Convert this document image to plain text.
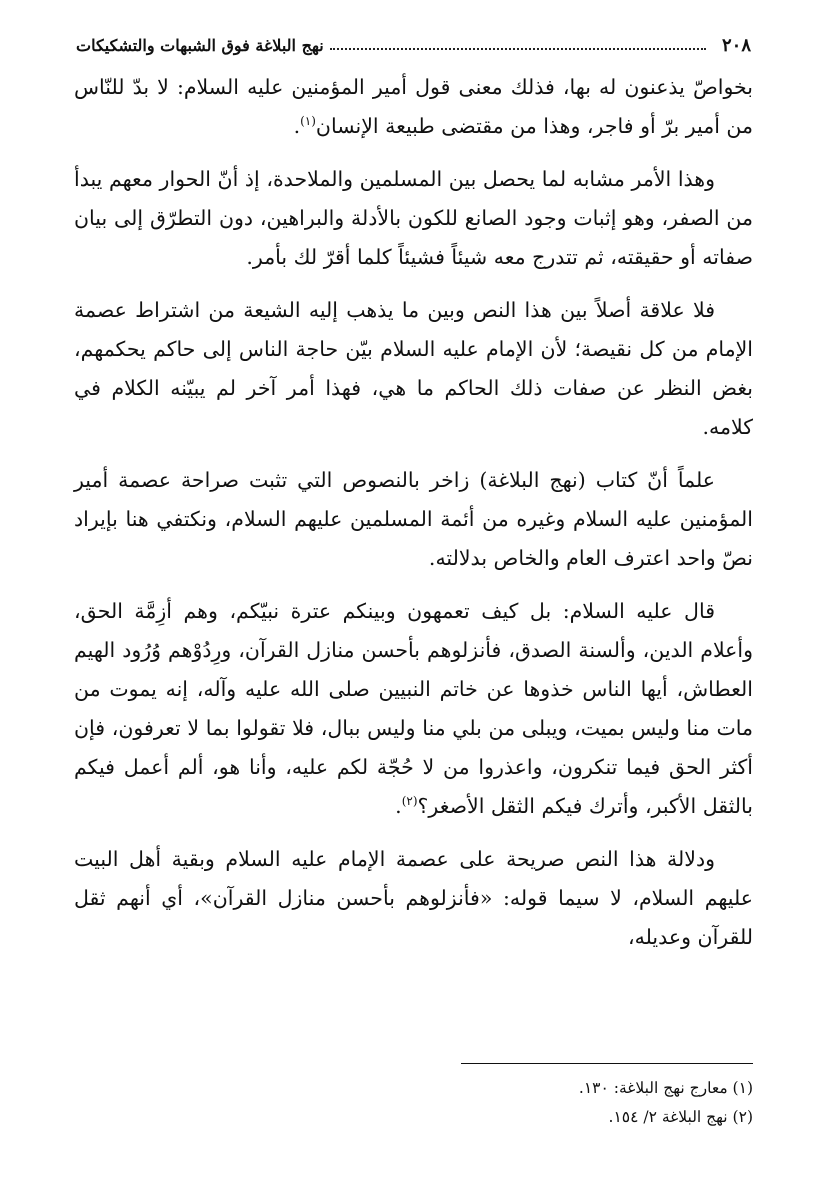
٢٠٨
نهج البلاغة فوق الشبهات والتشكيكات

بخواصّ يذعنون له بها، فذلك معنى قول أمير المؤمنين عليه السلام: لا بدّ للنّاس من أمير برّ أو فاجر، وهذا من مقتضى طبيعة الإنسان$^{(١)}$.

وهذا الأمر مشابه لما يحصل بين المسلمين والملاحدة، إذ أنّ الحوار معهم يبدأ من الصفر، وهو إثبات وجود الصانع للكون بالأدلة والبراهين، دون التطرّق إلى بيان صفاته أو حقيقته، ثم تتدرج معه شيئاً فشيئاً كلما أقرّ لك بأمر.

فلا علاقة أصلاً بين هذا النص وبين ما يذهب إليه الشيعة من اشتراط عصمة الإمام من كل نقيصة؛ لأن الإمام عليه السلام بيّن حاجة الناس إلى حاكم يحكمهم، بغض النظر عن صفات ذلك الحاكم ما هي، فهذا أمر آخر لم يبيّنه الكلام في كلامه.

علماً أنّ كتاب (نهج البلاغة) زاخر بالنصوص التي تثبت صراحة عصمة أمير المؤمنين عليه السلام وغيره من أئمة المسلمين عليهم السلام، ونكتفي هنا بإيراد نصّ واحد اعترف العام والخاص بدلالته.

قال عليه السلام: بل كيف تعمهون وبينكم عترة نبيّكم، وهم أزِمَّة الحق، وأعلام الدين، وألسنة الصدق، فأنزلوهم بأحسن منازل القرآن، ورِدُوْهم وُرُود الهيم العطاش، أيها الناس خذوها عن خاتم النبيين صلى الله عليه وآله، إنه يموت من مات منا وليس بميت، ويبلى من بلي منا وليس ببال، فلا تقولوا بما لا تعرفون، فإن أكثر الحق فيما تنكرون، واعذروا من لا حُجّة لكم عليه، وأنا هو، ألم أعمل فيكم بالثقل الأكبر، وأترك فيكم الثقل الأصغر؟$^{(٢)}$.

ودلالة هذا النص صريحة على عصمة الإمام عليه السلام وبقية أهل البيت عليهم السلام، لا سيما قوله: «فأنزلوهم بأحسن منازل القرآن»، أي أنهم ثقل للقرآن وعديله،

(١) معارج نهج البلاغة: ١٣٠.
(٢) نهج البلاغة ٢/ ١٥٤.
